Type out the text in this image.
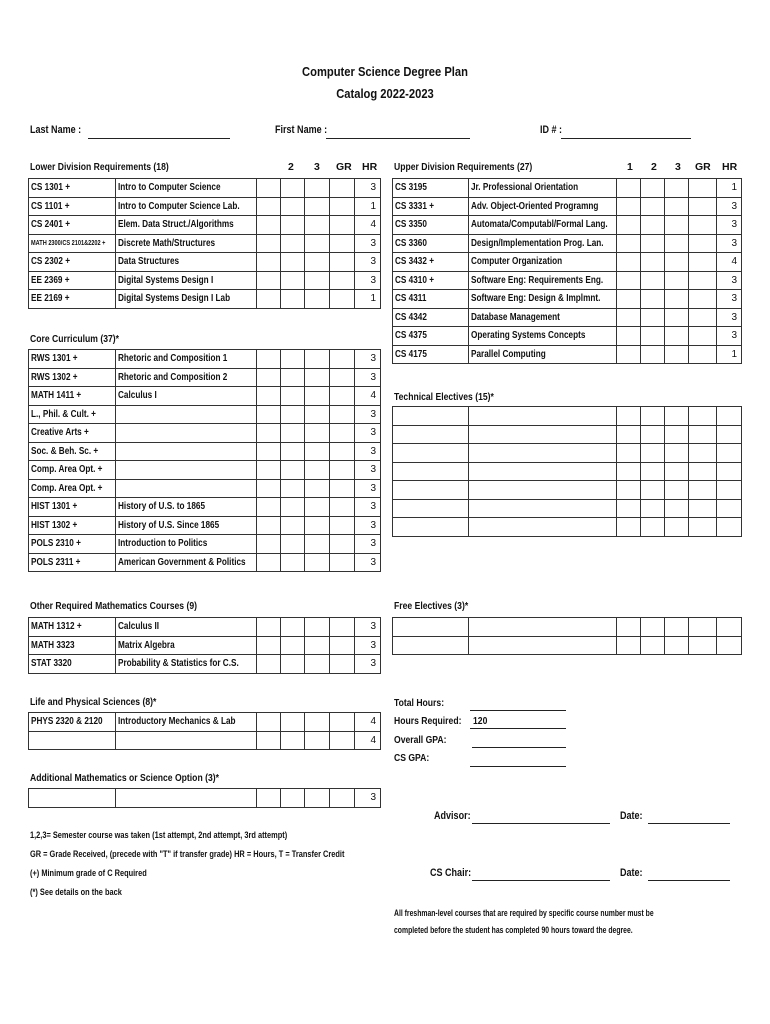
Computer Science Degree Plan
Catalog 2022-2023
Last Name :	First Name :	ID # :
Lower Division Requirements (18)	2 3 GR HR Upper Division Requirements (27)	1 2 3 GR HR
CS 1301 +	Intro to Computer Science					3
CS 1101 +	Intro to Computer Science Lab.					1
CS 2401 +	Elem. Data Struct./Algorithms					4
MATH 2300/CS 2101&2202 +	Discrete Math/Structures					3
CS 2302 +	Data Structures					3
EE 2369 +	Digital Systems Design I					3
EE 2169 +	Digital Systems Design I Lab					1
Core Curriculum (37)*
RWS 1301 +	Rhetoric and Composition 1					3
RWS 1302 +	Rhetoric and Composition 2					3
MATH 1411 +	Calculus I					4
L., Phil. & Cult. +						3
Creative Arts +						3
Soc. & Beh. Sc. +						3
Comp. Area Opt. +						3
Comp. Area Opt. +						3
HIST 1301 +	History of U.S. to 1865					3
HIST 1302 +	History of U.S. Since 1865					3
POLS 2310 +	Introduction to Politics					3
POLS 2311 +	American Government & Politics					3
Other Required Mathematics Courses (9)
MATH 1312 +	Calculus II					3
MATH 3323	Matrix Algebra					3
STAT 3320	Probability & Statistics for C.S.					3
Life and Physical Sciences (8)*
PHYS 2320 & 2120	Introductory Mechanics & Lab					4
						4
Additional Mathematics or Science Option (3)*
						3
CS 3195	Jr. Professional Orientation					1
CS 3331 +	Adv. Object-Oriented Programng					3
CS 3350	Automata/Computabl/Formal Lang.					3
CS 3360	Design/Implementation Prog. Lan.					3
CS 3432 +	Computer Organization					4
CS 4310 +	Software Eng: Requirements Eng.					3
CS 4311	Software Eng: Design & Implmnt.					3
CS 4342	Database Management					3
CS 4375	Operating Systems Concepts					3
CS 4175	Parallel Computing					1
Technical Electives (15)*

Free Electives (3)*

Total Hours:
Hours Required: 120
Overall GPA:
CS GPA:
Advisor:	Date:
CS Chair:	Date:
1,2,3= Semester course was taken (1st attempt, 2nd attempt, 3rd attempt)
GR = Grade Received, (precede with "T" if transfer grade) HR = Hours, T = Transfer Credit
(+) Minimum grade of C Required
(*) See details on the back
All freshman-level courses that are required by specific course number must be
completed before the student has completed 90 hours toward the degree.
